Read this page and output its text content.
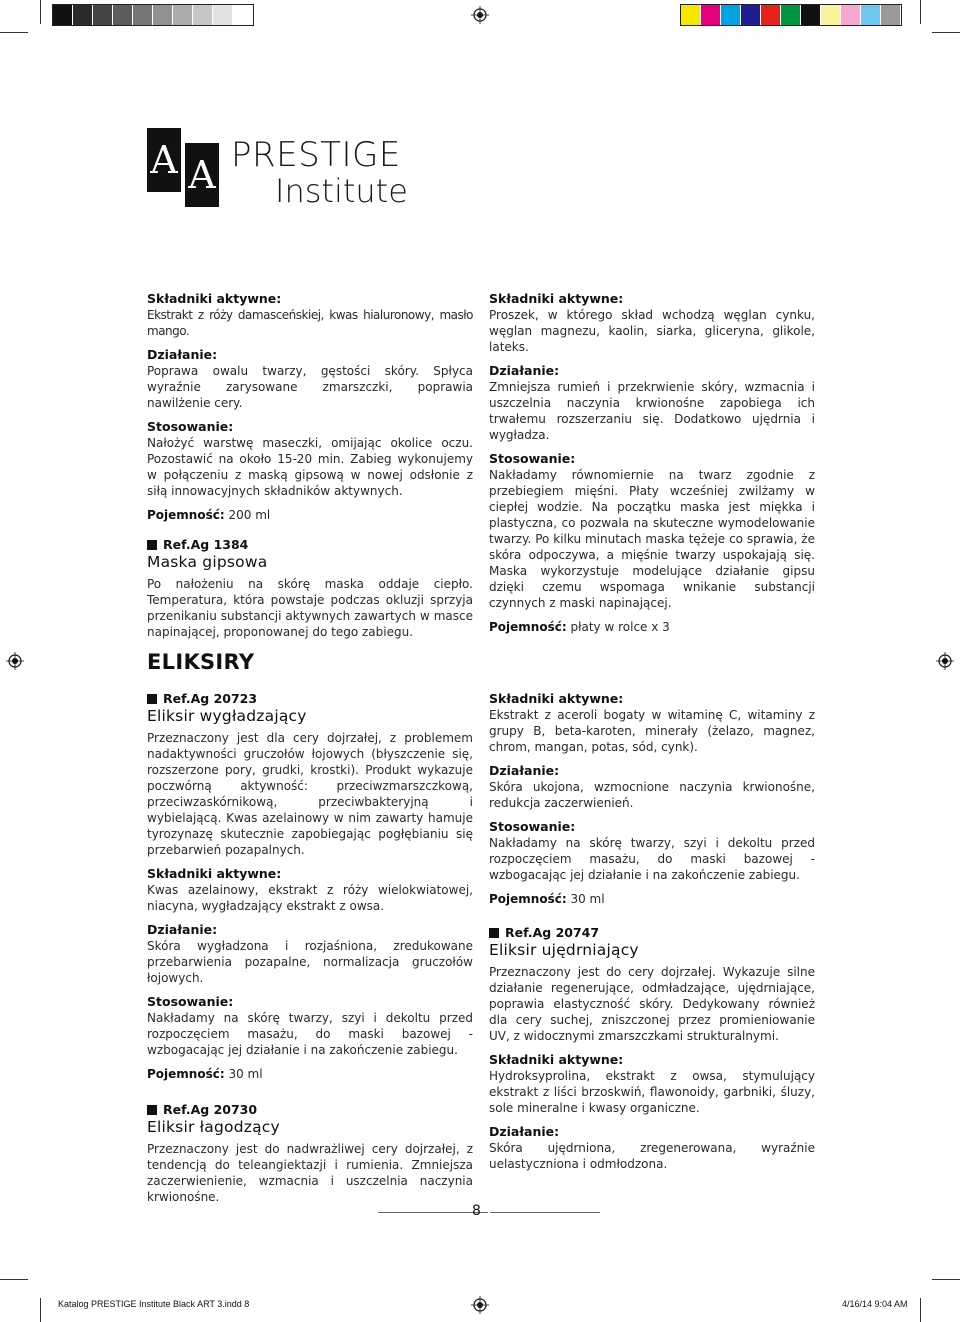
A A PRESTIGE
Institute
Składniki aktywne:
Ekstrakt z róży damasceńskiej, kwas hialuronowy, masło mango.
Działanie:
Poprawa owalu twarzy, gęstości skóry. Spłyca wyraźnie zarysowane zmarszczki, poprawia nawilżenie cery.
Stosowanie:
Nałożyć warstwę maseczki, omijając okolice oczu. Pozostawić na około 15-20 min. Zabieg wykonujemy w połączeniu z maską gipsową w nowej odsłonie z siłą innowacyjnych składników aktywnych.
Pojemność: 200 ml
Ref.Ag 1384
Maska gipsowa
Po nałożeniu na skórę maska oddaje ciepło. Temperatura, która powstaje podczas okluzji sprzyja przenikaniu substancji aktywnych zawartych w masce napinającej, proponowanej do tego zabiegu.
Składniki aktywne:
Proszek, w którego skład wchodzą węglan cynku, węglan magnezu, kaolin, siarka, gliceryna, glikole, lateks.
Działanie:
Zmniejsza rumień i przekrwienie skóry, wzmacnia i uszczelnia naczynia krwionośne zapobiega ich trwałemu rozszerzaniu się. Dodatkowo ujędrnia i wygładza.
Stosowanie:
Nakładamy równomiernie na twarz zgodnie z przebiegiem mięśni. Płaty wcześniej zwilżamy w ciepłej wodzie. Na początku maska jest miękka i plastyczna, co pozwala na skuteczne wymodelowanie twarzy. Po kilku minutach maska tężeje co sprawia, że skóra odpoczywa, a mięśnie twarzy uspokajają się. Maska wykorzystuje modelujące działanie gipsu dzięki czemu wspomaga wnikanie substancji czynnych z maski napinającej.
Pojemność: płaty w rolce x 3
ELIKSIRY
Ref.Ag 20723
Eliksir wygładzający
Przeznaczony jest dla cery dojrzałej, z problemem nadaktywności gruczołów łojowych (błyszczenie się, rozszerzone pory, grudki, krostki). Produkt wykazuje poczwórną aktywność: przeciwzmarszczkową, przeciwzaskórnikową, przeciwbakteryjną i wybielającą. Kwas azelainowy w nim zawarty hamuje tyrozynazę skutecznie zapobiegając pogłębianiu się przebarwień pozapalnych.
Składniki aktywne:
Kwas azelainowy, ekstrakt z róży wielokwiatowej, niacyna, wygładzający ekstrakt z owsa.
Działanie:
Skóra wygładzona i rozjaśniona, zredukowane przebarwienia pozapalne, normalizacja gruczołów łojowych.
Stosowanie:
Nakładamy na skórę twarzy, szyi i dekoltu przed rozpoczęciem masażu, do maski bazowej - wzbogacając jej działanie i na zakończenie zabiegu.
Pojemność: 30 ml
Ref.Ag 20730
Eliksir łagodzący
Przeznaczony jest do nadwrażliwej cery dojrzałej, z tendencją do teleangiektazji i rumienia. Zmniejsza zaczerwienienie, wzmacnia i uszczelnia naczynia krwionośne.
Składniki aktywne:
Ekstrakt z aceroli bogaty w witaminę C, witaminy z grupy B, beta-karoten, minerały (żelazo, magnez, chrom, mangan, potas, sód, cynk).
Działanie:
Skóra ukojona, wzmocnione naczynia krwionośne, redukcja zaczerwienień.
Stosowanie:
Nakładamy na skórę twarzy, szyi i dekoltu przed rozpoczęciem masażu, do maski bazowej - wzbogacając jej działanie i na zakończenie zabiegu.
Pojemność: 30 ml
Ref.Ag 20747
Eliksir ujędrniający
Przeznaczony jest do cery dojrzałej. Wykazuje silne działanie regenerujące, odmładzające, ujędrniające, poprawia elastyczność skóry. Dedykowany również dla cery suchej, zniszczonej przez promieniowanie UV, z widocznymi zmarszczkami strukturalnymi.
Składniki aktywne:
Hydroksyprolina, ekstrakt z owsa, stymulujący ekstrakt z liści brzoskwiń, flawonoidy, garbniki, śluzy, sole mineralne i kwasy organiczne.
Działanie:
Skóra ujędrniona, zregenerowana, wyraźnie uelastyczniona i odmłodzona.
8
Katalog PRESTIGE Institute Black ART 3.indd 8	4/16/14 9:04 AM
